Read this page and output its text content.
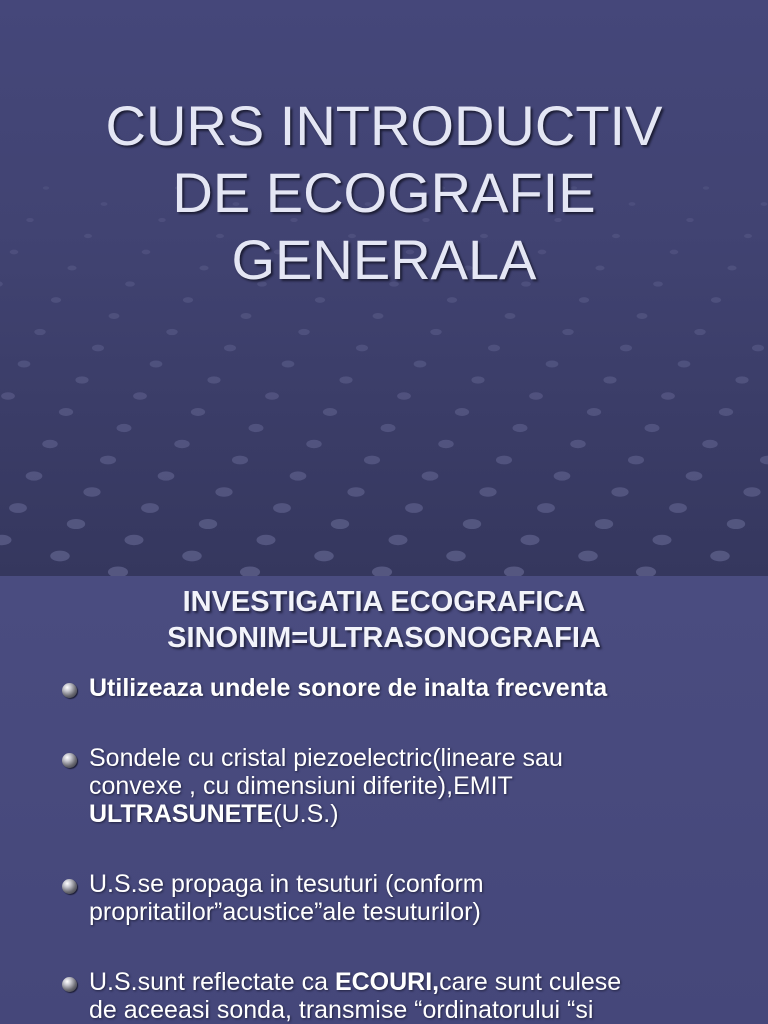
CURS INTRODUCTIV
DE ECOGRAFIE
GENERALA
INVESTIGATIA ECOGRAFICA
SINONIM=ULTRASONOGRAFIA
Utilizeaza undele sonore de inalta frecventa
Sondele cu cristal piezoelectric(lineare sau
convexe , cu dimensiuni diferite),EMIT
ULTRASUNETE(U.S.)
U.S.se propaga in tesuturi (conform
propritatilor”acustice”ale tesuturilor)
U.S.sunt reflectate ca ECOURI,care sunt culese
de aceeasi sonda, transmise “ordinatorului “si
